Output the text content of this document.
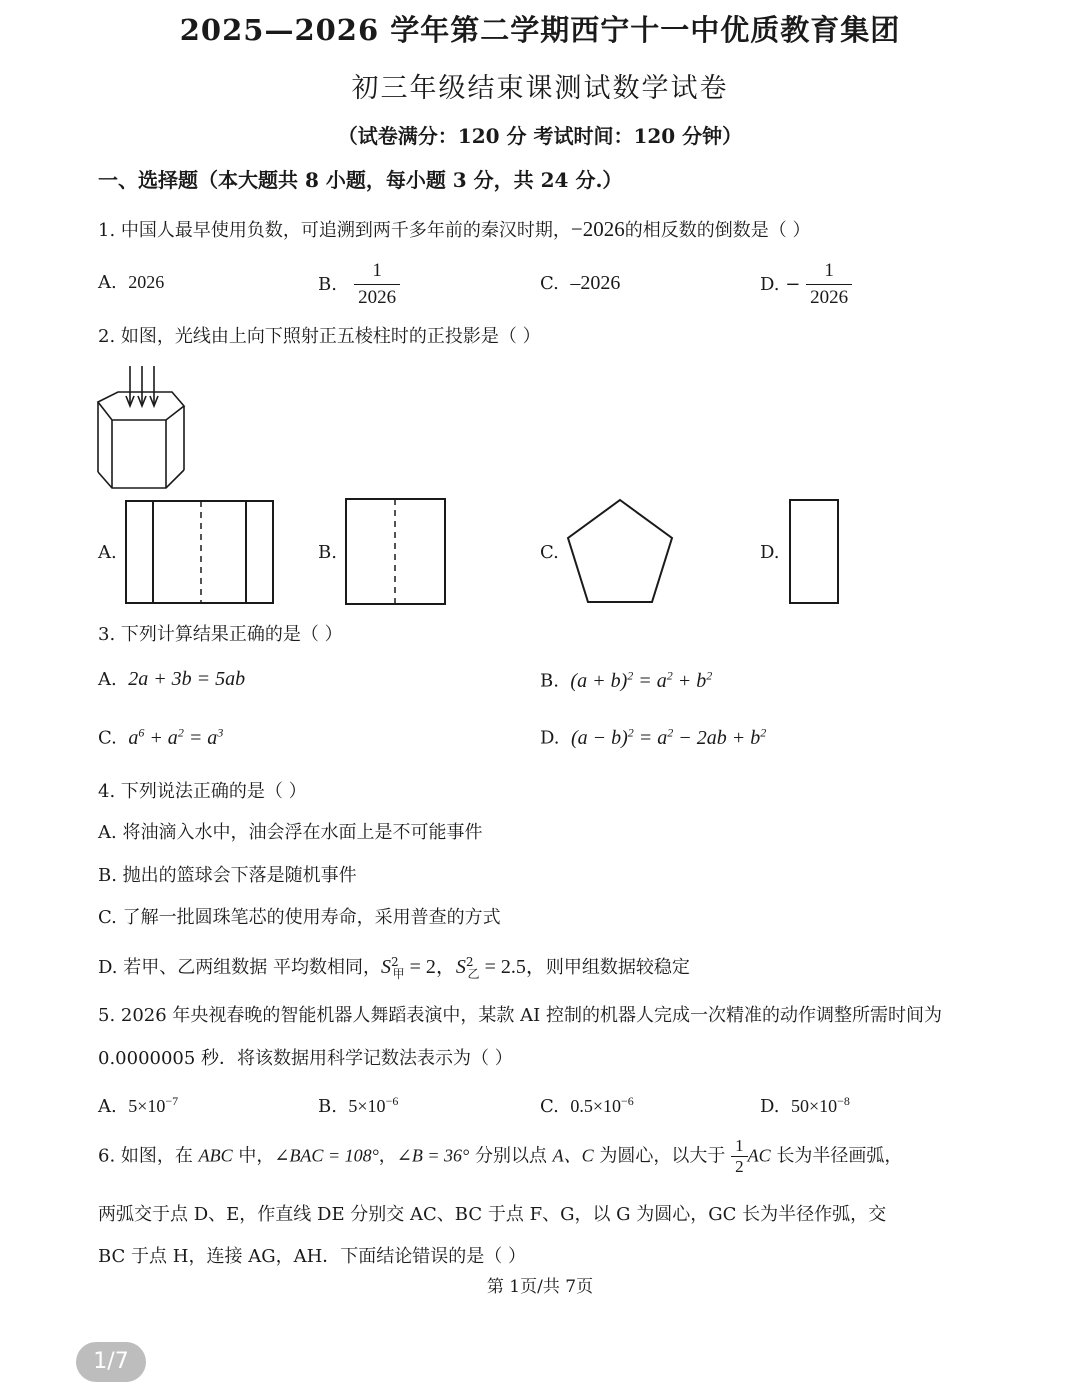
2025—2026 学年第二学期西宁十一中优质教育集团
初三年级结束课测试数学试卷
（试卷满分：120 分 考试时间：120 分钟）
一、选择题（本大题共 8 小题，每小题 3 分，共 24 分.）
1. 中国人最早使用负数，可追溯到两千多年前的秦汉时期，−2026的相反数的倒数是（ ）
A. 2026	B. $\frac{1}{2026}$	C. –2026	D. − $\frac{1}{2026}$
2. 如图，光线由上向下照射正五棱柱时的正投影是（ ）
A.	B.	C.	D.
3. 下列计算结果正确的是（ ）
A. 2a + 3b = 5ab	B. $(a + b)^2 = a^2 + b^2$
C. $a^6 + a^2 = a^3$	D. $(a - b)^2 = a^2 - 2ab + b^2$
4. 下列说法正确的是（ ）
A. 将油滴入水中，油会浮在水面上是不可能事件
B. 抛出的篮球会下落是随机事件
C. 了解一批圆珠笔芯的使用寿命，采用普查的方式
D. 若甲、乙两组数据 平均数相同，$S^2_甲 = 2$，$S^2_乙 = 2.5$，则甲组数据较稳定
5. 2026 年央视春晚的智能机器人舞蹈表演中，某款 AI 控制的机器人完成一次精准的动作调整所需时间为
0.0000005 秒．将该数据用科学记数法表示为（ ）
A. $5\times 10^{-7}$	B. $5\times 10^{-6}$	C. $0.5\times 10^{-6}$	D. $50\times 10^{-8}$
6. 如图，在 ABC 中，∠BAC = 108°，∠B = 36° 分别以点 A、C 为圆心，以大于 $\frac{1}{2}$ AC 长为半径画弧，
两弧交于点 D、E，作直线 DE 分别交 AC、BC 于点 F、G，以 G 为圆心，GC 长为半径作弧，交
BC 于点 H，连接 AG，AH．下面结论错误的是（ ）
第 1页/共 7页
1/7
